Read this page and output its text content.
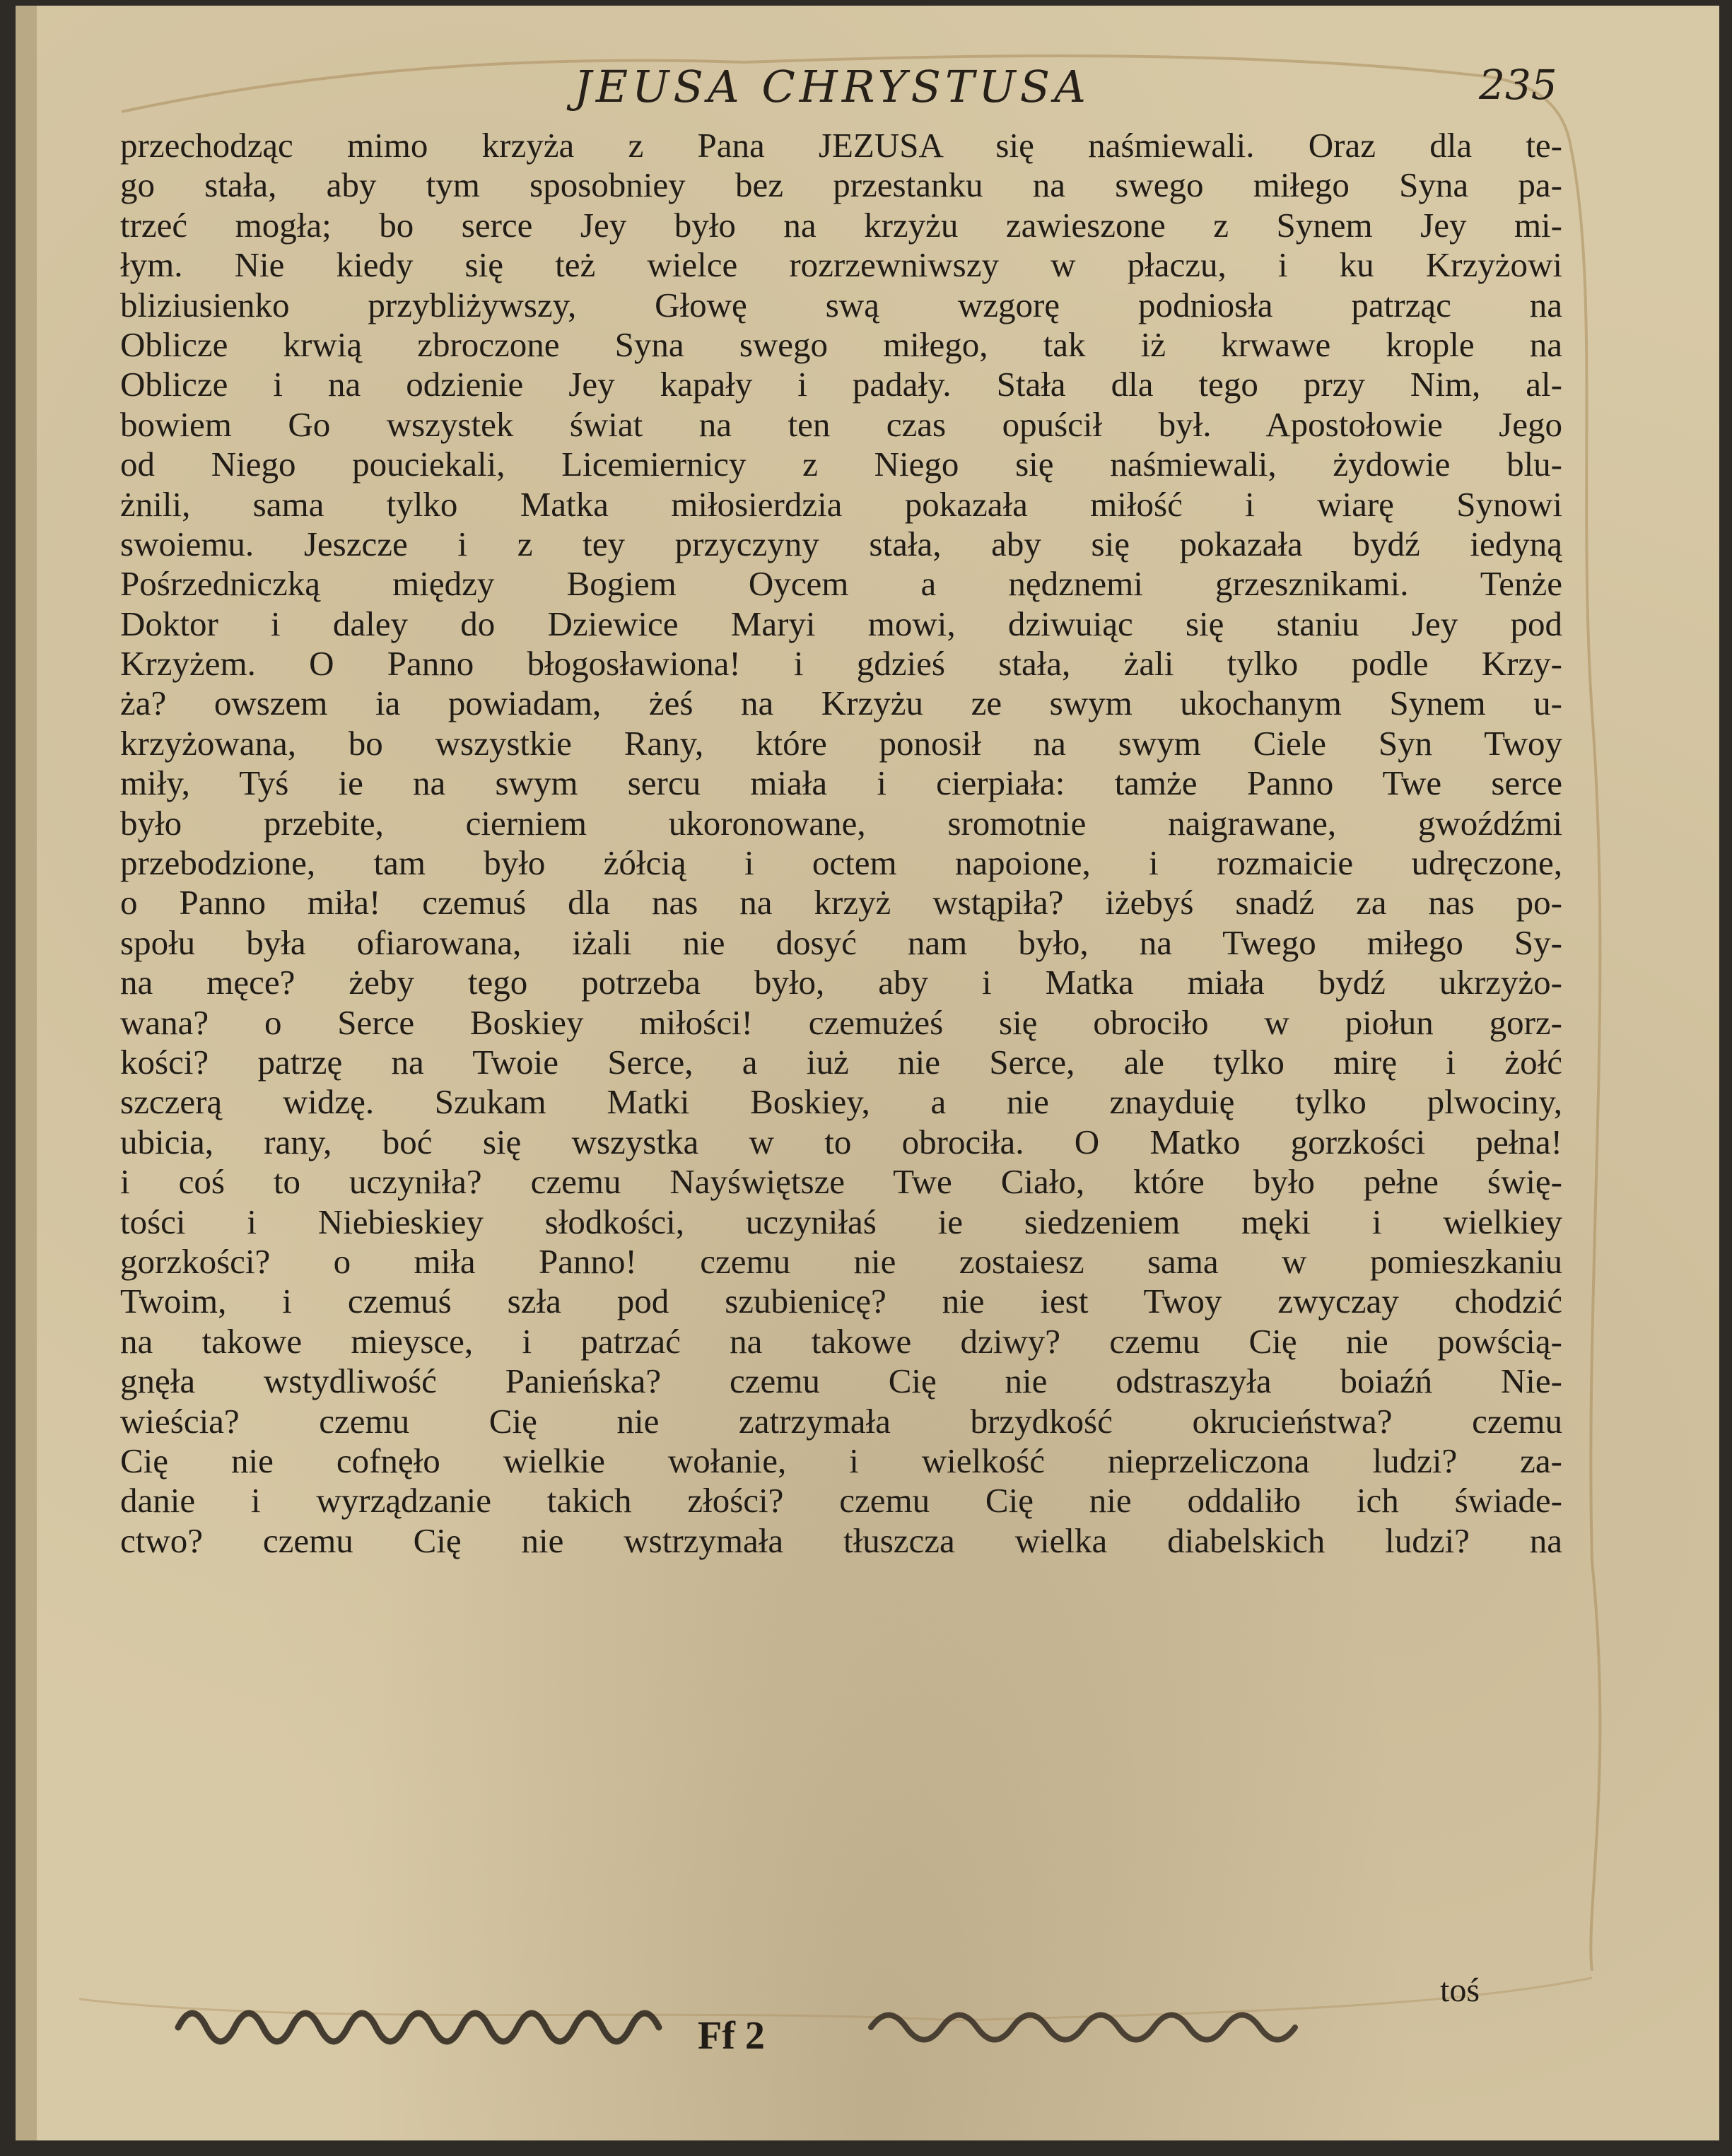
JEUSA CHRYSTUSA	235
przechodząc mimo krzyża z Pana JEZUSA się naśmiewali. Oraz dla te-
go stała, aby tym sposobniey bez przestanku na swego miłego Syna pa-
trzeć mogła; bo serce Jey było na krzyżu zawieszone z Synem Jey mi-
łym. Nie kiedy się też wielce rozrzewniwszy w płaczu, i ku Krzyżowi
bliziusienko przybliżywszy, Głowę swą wzgorę podniosła patrząc na
Oblicze krwią zbroczone Syna swego miłego, tak iż krwawe krople na
Oblicze i na odzienie Jey kapały i padały. Stała dla tego przy Nim, al-
bowiem Go wszystek świat na ten czas opuścił był. Apostołowie Jego
od Niego pouciekali, Licemiernicy z Niego się naśmiewali, żydowie blu-
żnili, sama tylko Matka miłosierdzia pokazała miłość i wiarę Synowi
swoiemu. Jeszcze i z tey przyczyny stała, aby się pokazała bydź iedyną
Pośrzedniczką między Bogiem Oycem a nędznemi grzesznikami. Tenże
Doktor i daley do Dziewice Maryi mowi, dziwuiąc się staniu Jey pod
Krzyżem. O Panno błogosławiona! i gdzieś stała, żali tylko podle Krzy-
ża? owszem ia powiadam, żeś na Krzyżu ze swym ukochanym Synem u-
krzyżowana, bo wszystkie Rany, które ponosił na swym Ciele Syn Twoy
miły, Tyś ie na swym sercu miała i cierpiała: tamże Panno Twe serce
było przebite, cierniem ukoronowane, sromotnie naigrawane, gwoźdźmi
przebodzione, tam było żółcią i octem napoione, i rozmaicie udręczone,
o Panno miła! czemuś dla nas na krzyż wstąpiła? iżebyś snadź za nas po-
społu była ofiarowana, iżali nie dosyć nam było, na Twego miłego Sy-
na męce? żeby tego potrzeba było, aby i Matka miała bydź ukrzyżo-
wana? o Serce Boskiey miłości! czemużeś się obrociło w piołun gorz-
kości? patrzę na Twoie Serce, a iuż nie Serce, ale tylko mirę i żołć
szczerą widzę. Szukam Matki Boskiey, a nie znayduię tylko plwociny,
ubicia, rany, boć się wszystka w to obrociła. O Matko gorzkości pełna!
i coś to uczyniła? czemu Nayświętsze Twe Ciało, które było pełne świę-
tości i Niebieskiey słodkości, uczyniłaś ie siedzeniem męki i wielkiey
gorzkości? o miła Panno! czemu nie zostaiesz sama w pomieszkaniu
Twoim, i czemuś szła pod szubienicę? nie iest Twoy zwyczay chodzić
na takowe mieysce, i patrzać na takowe dziwy? czemu Cię nie powścią-
gnęła wstydliwość Panieńska? czemu Cię nie odstraszyła boiaźń Nie-
wieścia? czemu Cię nie zatrzymała brzydkość okrucieństwa? czemu
Cię nie cofnęło wielkie wołanie, i wielkość nieprzeliczona ludzi? za-
danie i wyrządzanie takich złości? czemu Cię nie oddaliło ich świade-
ctwo? czemu Cię nie wstrzymała tłuszcza wielka diabelskich ludzi? na
toś
Ff 2
